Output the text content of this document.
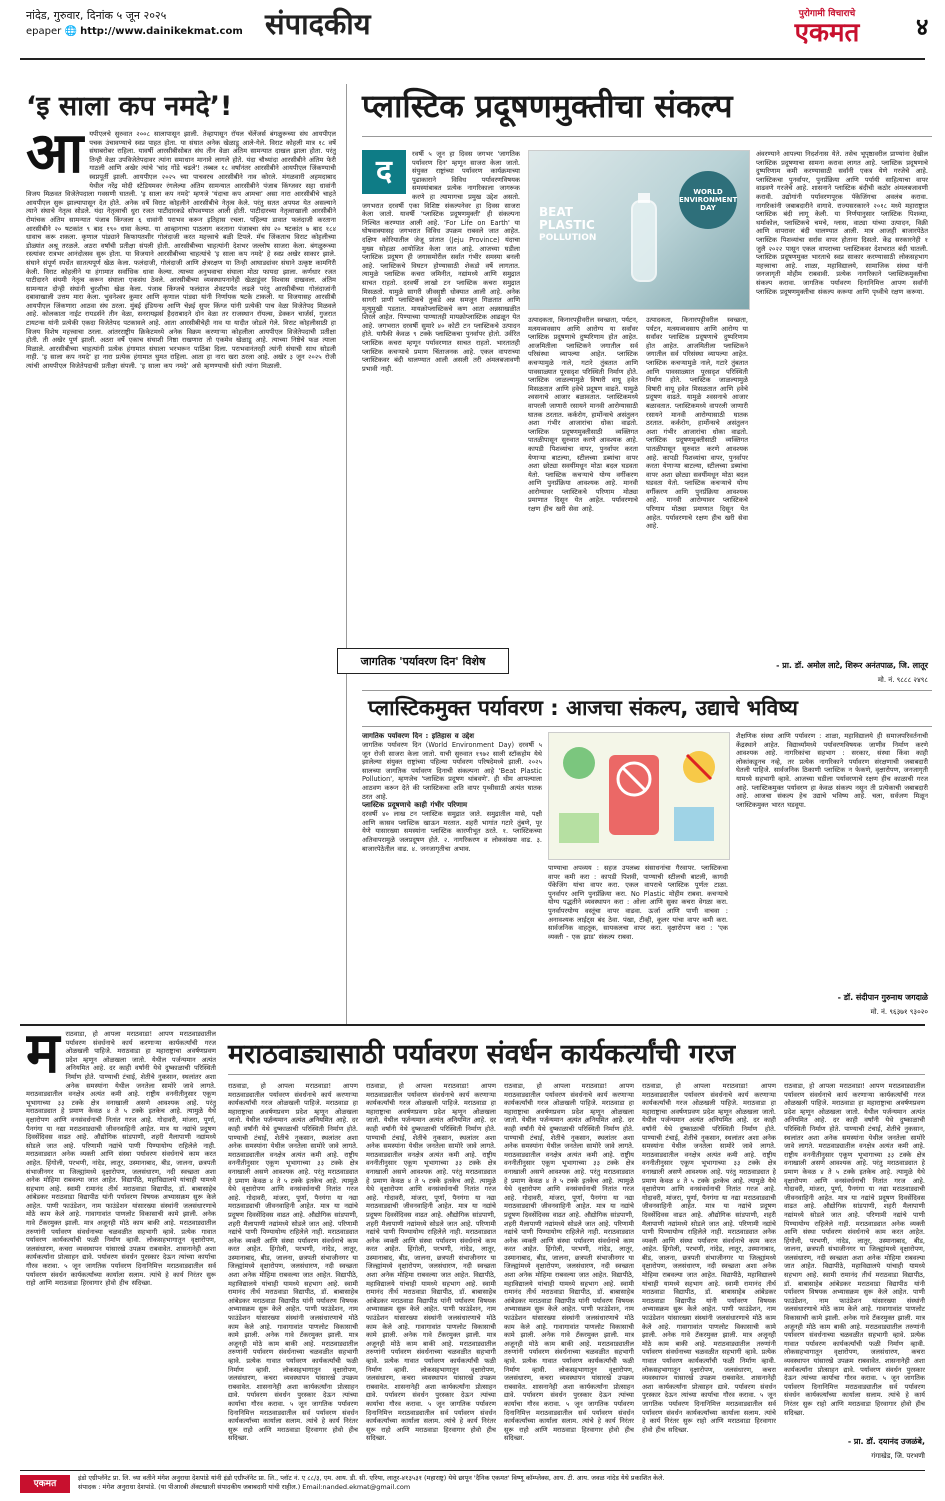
नांदेड, गुरुवार, दिनांक ५ जून २०२५
epaper 🌐 http://www.dainikekmat.com संपादकीय	पुरोगामी विचाराचे
एकमत	४
‘इ साला कप नमदे’!
आ यपीएलचे सुरुवात २००८ सालापासून झाली. तेव्हापासून रॉयल चॅलेंजर्स बंगळुरूच्या संघ आयपीएल पचक उंचावण्याचे स्वप्न पाहत होता. या संघात अनेक खेळाडू आले-गेले. विराट कोहली मात्र १८ वर्षे संघाबरोबर राहिला. यावर्षी आरसीबीसोबत संघ तीन वेळा अंतिम सामन्यात दाखल झाला होता. परंतु तिन्ही वेळा उपविजेतेपदावर त्यांना समाधान मानावे लागले होते. यंदा चौथ्यांदा आरसीबीने अंतिम फेरी गाठली आणि अखेर त्यांचे 'चांद गोंडे चढले'! तब्बल १८ वर्षांनंतर आरसीबीने आयपीएल जिंकण्याची स्वप्नपूर्ती झाली. आयपीएल २०२५ च्या पाचवरच आरसीबीने नाव कोरले. मंगळवारी अहमदाबाद येथील नरेंद्र मोदी स्टेडियमवर रंगलेल्या अंतिम सामन्यात आरसीबीने पंजाब किंग्जवर सहा धावांनी विजय मिळवत विजेतेपदाला गवसणी घातली. 'इ साला कप नमदे' म्हणजे 'यंदाचा कप आमचा' असा नारा आरसीबीचे चाहते आयपीएल सुरू झाल्यापासून देत होते. अनेक वर्षे विराट कोहलीने आरसीबीचे नेतृत्व केले. परंतु सतत अपयश येत असल्याने त्याने संघाचे नेतृत्व सोडले. यंदा नेतृत्वाची धुरा रजत पाटीदारकडे सोपवण्यात आली होती. पाटीदारच्या नेतृत्वाखाली आरसीबीने रोमांचक अंतिम सामन्यात पंजाब किंग्जला ६ धावांनी पराभव करून इतिहास रचला. पहिल्या डावात फलंदाजी करताना आरसीबीने २० षटकांत ९ बाद १९० धावा केल्या. या आव्हानाचा पाठलाग करताना पंजाबचा संघ २० षटकांत ७ बाद १८४ धावाच करू शकला. कृणाल पांड्याने किफायतशीर गोलंदाजी करत महत्त्वाचे बळी टिपले. मॅच जिंकताच विराट कोहलीच्या डोळ्यांत अश्रू तरळले. अठरा वर्षांची प्रतीक्षा संपली होती. आरसीबीच्या चाहत्यांनी देशभर जल्लोष साजरा केला. बंगळुरूच्या रस्त्यांवर रात्रभर आनंदोत्सव सुरू होता. या विजयाने आरसीबीच्या चाहत्यांचे 'इ साला कप नमदे' हे स्वप्न अखेर साकार झाले. संघाने संपूर्ण स्पर्धेत सातत्यपूर्ण खेळ केला. फलंदाजी, गोलंदाजी आणि क्षेत्ररक्षण या तिन्ही आघाड्यांवर संघाने उत्कृष्ट कामगिरी केली. विराट कोहलीने या हंगामात सर्वाधिक धावा केल्या. त्याच्या अनुभवाचा संघाला मोठा फायदा झाला. कर्णधार रजत पाटीदारने संयमी नेतृत्व करून संघाला एकसंध ठेवले. आरसीबीच्या व्यवस्थापनानेही खेळाडूंवर विश्वास दाखवला. अंतिम सामन्यात दोन्ही संघांनी चुरशीचा खेळ केला. पंजाब किंग्जचे फलंदाज शेवटपर्यंत लढले परंतु आरसीबीच्या गोलंदाजांनी दबावाखाली उत्तम मारा केला. भुवनेश्वर कुमार आणि कृणाल पांड्या यांनी निर्णायक षटके टाकली. या विजयासह आरसीबी आयपीएल जिंकणारा आठवा संघ ठरला. मुंबई इंडियन्स आणि चेन्नई सुपर किंग्ज यांनी प्रत्येकी पाच वेळा विजेतेपद मिळवले आहे. कोलकाता नाईट रायडर्सने तीन वेळा, सनरायझर्स हैदराबादने दोन वेळा तर राजस्थान रॉयल्स, डेक्कन चार्जर्स, गुजरात टायटन्स यांनी प्रत्येकी एकदा विजेतेपद पटकावले आहे. आता आरसीबीचेही नाव या यादीत जोडले गेले. विराट कोहलीसाठी हा विजय विशेष महत्त्वाचा ठरला. आंतरराष्ट्रीय क्रिकेटमध्ये अनेक विक्रम करणाऱ्या कोहलीला आयपीएल विजेतेपदाची प्रतीक्षा होती. ती अखेर पूर्ण झाली. अठरा वर्षे एकाच संघाशी निष्ठा राखणारा तो एकमेव खेळाडू आहे. त्याच्या निष्ठेचे फळ त्याला मिळाले. आरसीबीच्या चाहत्यांनी प्रत्येक हंगामात संघाला भरभरून पाठिंबा दिला. पराभवानंतरही त्यांनी संघाची साथ सोडली नाही. 'इ साला कप नमदे' हा नारा प्रत्येक हंगामात घुमत राहिला. आता हा नारा खरा ठरला आहे. अखेर ३ जून २०२५ रोजी त्यांची आयपीएल विजेतेपदाची प्रतीक्षा संपली. 'इ साला कप नमदे' असे म्हणण्याची संधी त्यांना मिळाली.
प्लास्टिक प्रदूषणमुक्तीचा संकल्प
द	रवर्षी ५ जून हा दिवस जगभर 'जागतिक पर्यावरण दिन' म्हणून साजरा केला जातो. संयुक्त राष्ट्रांच्या पर्यावरण कार्यक्रमाच्या पुढाकाराने विविध पर्यावरणविषयक समस्यांबाबत प्रत्येक नागरिकाला जागरूक करणे हा त्यामागचा प्रमुख उद्देश असतो. जगभरात दरवर्षी एका विशिष्ट संकल्पनेवर हा दिवस साजरा केला जातो. यावर्षी 'प्लास्टिक प्रदूषणमुक्ती' ही संकल्पना निश्चित करण्यात आली आहे. 'For Life on Earth' या घोषवाक्यासह जगभरात विविध उपक्रम राबवले जात आहेत. दक्षिण कोरियातील जेजू प्रांतात (Jeju Province) यंदाचा मुख्य सोहळा आयोजित केला जात आहे. आजच्या घडीला प्लास्टिक प्रदूषण ही जगासमोरील सर्वात गंभीर समस्या बनली आहे. प्लास्टिकचे विघटन होण्यासाठी शेकडो वर्षे लागतात. त्यामुळे प्लास्टिक कचरा जमिनीत, नद्यांमध्ये आणि समुद्रात साचत राहतो. दरवर्षी लाखो टन प्लास्टिक कचरा समुद्रात मिसळतो. यामुळे सागरी जीवसृष्टी धोक्यात आली आहे. अनेक सागरी प्राणी प्लास्टिकचे तुकडे अन्न समजून गिळतात आणि मृत्युमुखी पडतात. मायक्रोप्लास्टिकचे कण आता अन्नसाखळीत शिरले आहेत. पिण्याच्या पाण्यातही मायक्रोप्लास्टिक आढळून येत आहे. जगभरात दरवर्षी सुमारे ४० कोटी टन प्लास्टिकचे उत्पादन होते. यापैकी केवळ ९ टक्के प्लास्टिकचा पुनर्वापर होतो. उर्वरित प्लास्टिक कचरा म्हणून पर्यावरणात साचत राहतो. भारतातही प्लास्टिक कचऱ्याचे प्रमाण चिंताजनक आहे. एकल वापराच्या प्लास्टिकवर बंदी घालण्यात आली असली तरी अंमलबजावणी प्रभावी नाही.
BEAT
PLASTIC
POLLUTION
WORLD
ENVIRONMENT
DAY
उत्पादकता, किनारपट्टीवरील स्वच्छता, पर्यटन, मत्स्यव्यवसाय आणि आरोग्य या सर्वांवर प्लास्टिक प्रदूषणाचे दुष्परिणाम होत आहेत. आजमितीला प्लास्टिकने जगातील सर्व परिसंस्था व्यापल्या आहेत. प्लास्टिक कचऱ्यामुळे नाले, गटारे तुंबतात आणि पावसाळ्यात पूरसदृश परिस्थिती निर्माण होते. प्लास्टिक जाळल्यामुळे विषारी वायू हवेत मिसळतात आणि हवेचे प्रदूषण वाढते. यामुळे श्वसनाचे आजार बळावतात. प्लास्टिकमध्ये वापरली जाणारी रसायने मानवी आरोग्यासाठी घातक ठरतात. कर्करोग, हार्मोन्सचे असंतुलन अशा गंभीर आजारांचा धोका वाढतो. प्लास्टिक प्रदूषणमुक्तीसाठी व्यक्तिगत पातळीपासून सुरुवात करणे आवश्यक आहे. कापडी पिशव्यांचा वापर, पुनर्वापर करता येणाऱ्या बाटल्या, स्टीलच्या डब्यांचा वापर अशा छोट्या सवयींमधून मोठा बदल घडवता येतो. प्लास्टिक कचऱ्याचे योग्य वर्गीकरण आणि पुनर्प्रक्रिया आवश्यक आहे. मानवी आरोग्यावर प्लास्टिकचे परिणाम मोठ्या प्रमाणात दिसून येत आहेत. पर्यावरणाचे रक्षण हीच खरी सेवा आहे.
अंवरण्याने आपल्या निदर्शनास येते. तसेच भूपृष्ठावरील प्राण्यांना देखील प्लास्टिक प्रदूषणाचा सामना करावा लागत आहे. प्लास्टिक प्रदूषणाचे दुष्परिणाम कमी करण्यासाठी सर्वांनी एकत्र येणे गरजेचे आहे. प्लास्टिकचा पुनर्वापर, पुनर्प्रक्रिया आणि पर्यायी साहित्याचा वापर वाढवणे गरजेचे आहे. शासनाने प्लास्टिक बंदीची कठोर अंमलबजावणी करावी. उद्योगांनी पर्यावरणपूरक पॅकेजिंगचा अवलंब करावा. नागरिकांनी जबाबदारीने वागावे. राज्यसरकारने २०१८ मध्ये महाराष्ट्रात प्लास्टिक बंदी लागू केली. या निर्णयानुसार प्लास्टिक पिशव्या, थर्माकोल, प्लास्टिकचे चमचे, ग्लास, वाट्या यांच्या उत्पादन, विक्री आणि वापरावर बंदी घालण्यात आली. मात्र आजही बाजारपेठेत प्लास्टिक पिशव्यांचा सर्रास वापर होताना दिसतो. केंद्र सरकारनेही १ जुलै २०२२ पासून एकल वापराच्या प्लास्टिकवर देशभरात बंदी घातली. प्लास्टिक प्रदूषणमुक्त भारताचे स्वप्न साकार करण्यासाठी लोकसहभाग महत्त्वाचा आहे. शाळा, महाविद्यालये, सामाजिक संस्था यांनी जनजागृती मोहीम राबवावी. प्रत्येक नागरिकाने प्लास्टिकमुक्तीचा संकल्प करावा. जागतिक पर्यावरण दिनानिमित्त आपण सर्वांनी प्लास्टिक प्रदूषणमुक्तीचा संकल्प करूया आणि पृथ्वीचे रक्षण करूया.
उत्पादकता, किनारपट्टीवरील स्वच्छता, पर्यटन, मत्स्यव्यवसाय आणि आरोग्य या सर्वांवर प्लास्टिक प्रदूषणाचे दुष्परिणाम होत आहेत. आजमितीला प्लास्टिकने जगातील सर्व परिसंस्था व्यापल्या आहेत. प्लास्टिक कचऱ्यामुळे नाले, गटारे तुंबतात आणि पावसाळ्यात पूरसदृश परिस्थिती निर्माण होते. प्लास्टिक जाळल्यामुळे विषारी वायू हवेत मिसळतात आणि हवेचे प्रदूषण वाढते. यामुळे श्वसनाचे आजार बळावतात. प्लास्टिकमध्ये वापरली जाणारी रसायने मानवी आरोग्यासाठी घातक ठरतात. कर्करोग, हार्मोन्सचे असंतुलन अशा गंभीर आजारांचा धोका वाढतो. प्लास्टिक प्रदूषणमुक्तीसाठी व्यक्तिगत पातळीपासून सुरुवात करणे आवश्यक आहे. कापडी पिशव्यांचा वापर, पुनर्वापर करता येणाऱ्या बाटल्या, स्टीलच्या डब्यांचा वापर अशा छोट्या सवयींमधून मोठा बदल घडवता येतो. प्लास्टिक कचऱ्याचे योग्य वर्गीकरण आणि पुनर्प्रक्रिया आवश्यक आहे. मानवी आरोग्यावर प्लास्टिकचे परिणाम मोठ्या प्रमाणात दिसून येत आहेत. पर्यावरणाचे रक्षण हीच खरी सेवा आहे.
जागतिक 'पर्यावरण दिन' विशेष	- प्रा. डॉ. अमोल लाटे, शिरूर अनंतपाळ, जि. लातूर
मो. नं. ९८८८ २४९८
प्लास्टिकमुक्त पर्यावरण : आजचा संकल्प, उद्याचे भविष्य
जागतिक पर्यावरण दिन : इतिहास व उद्देश
जागतिक पर्यावरण दिन (World Environment Day) दरवर्षी ५ जून रोजी साजरा केला जातो. याची सुरुवात १९७२ साली स्टॉकहोम येथे झालेल्या संयुक्त राष्ट्रांच्या पहिल्या पर्यावरण परिषदेमध्ये झाली. २०२५ सालच्या जागतिक पर्यावरण दिनाची संकल्पना आहे 'Beat Plastic Pollution', म्हणजेच 'प्लास्टिक प्रदूषण थांबवणे'. ही थीम आपल्याला आठवण करून देते की प्लास्टिकचा अति वापर पृथ्वीसाठी अत्यंत घातक ठरत आहे.
प्लास्टिक प्रदूषणाचे काही गंभीर परिणाम
दरवर्षी ४० लाख टन प्लास्टिक समुद्रात जाते. समुद्रातील मासे, पक्षी आणि कासव प्लास्टिक खाऊन मरतात. शहरी भागांत गटारे तुंबणे, पूर येणे यासारख्या समस्यांना प्लास्टिक कारणीभूत ठरते. १. प्लास्टिकच्या अतिवापरामुळे जलप्रदूषण होते. २. नागरिकरण व लोकसंख्या वाढ. ३. बाजारपेठेतील वाढ. ४. जनजागृतीचा अभाव.
पाण्याचा अपव्यय : सहज उपलब्ध संसाधनांचा गैरवापर. प्लास्टिकचा वापर कमी करा : कापडी पिशवी, पाण्याची स्टीलची बाटली, कागदी पॅकेजिंग यांचा वापर करा. एकल वापराचे प्लास्टिक पूर्णतः टाळा. पुनर्वापर आणि पुनर्प्रक्रिया करा. No Plastic मोहीम राबवा. कचऱ्याचे योग्य पद्धतीने व्यवस्थापन करा : ओला आणि सुका कचरा वेगळा करा. पुनर्वापरयोग्य वस्तूंचा वापर वाढवा. ऊर्जा आणि पाणी वाचवा : अनावश्यक लाईट्स बंद ठेवा. पंखा, टीव्ही, कूलर यांचा वापर कमी करा. सार्वजनिक वाहतूक, सायकलचा वापर करा. वृक्षारोपण करा : 'एक व्यक्ती - एक झाड' संकल्प राबवा.
शैक्षणिक संस्था आणि पर्यावरण : शाळा, महाविद्यालये ही समाजपरिवर्तनाची केंद्रस्थाने आहेत. विद्यार्थ्यांमध्ये पर्यावरणविषयक जाणीव निर्माण करणे आवश्यक आहे. नागरिकांचा सहभाग : सरकार, संस्था किंवा काही लोकांकडूनच नव्हे, तर प्रत्येक नागरिकाने पर्यावरण संरक्षणाची जबाबदारी घेतली पाहिजे. सार्वजनिक ठिकाणी प्लास्टिक न फेकणे, वृक्षारोपण, जनजागृती यामध्ये सहभागी व्हावे. आजच्या घडीला पर्यावरणाचे रक्षण हीच काळाची गरज आहे. प्लास्टिकमुक्त पर्यावरण हा केवळ संकल्प नसून ती प्रत्येकाची जबाबदारी आहे. आजचा संकल्प हेच उद्याचे भविष्य आहे. चला, सर्वजण मिळून प्लास्टिकमुक्त भारत घडवूया.
- डॉ. संदीपान गुरुनाथ जगदाळे
मो. नं. ९६३७१ ९३०२०
म राठवाडा, हो आपला मराठवाडा! आपण मराठवाड्यातील पर्यावरण संवर्धनाचे कार्य करणाऱ्या कार्यकर्त्यांची गरज ओळखली पाहिजे. मराठवाडा हा महाराष्ट्राचा अवर्षणप्रवण प्रदेश म्हणून ओळखला जातो. येथील पर्जन्यमान अत्यंत अनियमित आहे. दर काही वर्षांनी येथे दुष्काळाची परिस्थिती निर्माण होते. पाण्याची टंचाई, शेतीचे नुकसान, स्थलांतर अशा अनेक समस्यांना येथील जनतेला सामोरे जावे लागते. मराठवाड्यातील वनक्षेत्र अत्यंत कमी आहे. राष्ट्रीय वननीतीनुसार एकूण भूभागाच्या ३३ टक्के क्षेत्र वनाखाली असणे आवश्यक आहे. परंतु मराठवाड्यात हे प्रमाण केवळ ४ ते ५ टक्के इतकेच आहे. त्यामुळे येथे वृक्षारोपण आणि वनसंवर्धनाची नितांत गरज आहे. गोदावरी, मांजरा, पूर्णा, पैनगंगा या नद्या मराठवाड्याची जीवनवाहिनी आहेत. मात्र या नद्यांचे प्रदूषण दिवसेंदिवस वाढत आहे. औद्योगिक सांडपाणी, शहरी मैलापाणी नद्यांमध्ये सोडले जात आहे. परिणामी नद्यांचे पाणी पिण्यायोग्य राहिलेले नाही. मराठवाड्यात अनेक व्यक्ती आणि संस्था पर्यावरण संवर्धनाचे काम करत आहेत. हिंगोली, परभणी, नांदेड, लातूर, उस्मानाबाद, बीड, जालना, छत्रपती संभाजीनगर या जिल्ह्यांमध्ये वृक्षारोपण, जलसंधारण, नदी स्वच्छता अशा अनेक मोहिमा राबवल्या जात आहेत. विद्यापीठे, महाविद्यालये यांचाही यामध्ये सहभाग आहे. स्वामी रामानंद तीर्थ मराठवाडा विद्यापीठ, डॉ. बाबासाहेब आंबेडकर मराठवाडा विद्यापीठ यांनी पर्यावरण विषयक अभ्यासक्रम सुरू केले आहेत. पाणी फाउंडेशन, नाम फाउंडेशन यांसारख्या संस्थांनी जलसंधारणाचे मोठे काम केले आहे. गावागावांत पाणलोट विकासाची कामे झाली. अनेक गावे टँकरमुक्त झाली. मात्र अजूनही मोठे काम बाकी आहे. मराठवाड्यातील तरुणांनी पर्यावरण संवर्धनाच्या चळवळीत सहभागी व्हावे. प्रत्येक गावात पर्यावरण कार्यकर्त्यांची फळी निर्माण व्हावी. लोकसहभागातून वृक्षारोपण, जलसंधारण, कचरा व्यवस्थापन यांसारखे उपक्रम राबवावेत. शासनानेही अशा कार्यकर्त्यांना प्रोत्साहन द्यावे. पर्यावरण संवर्धन पुरस्कार देऊन त्यांच्या कार्याचा गौरव करावा. ५ जून जागतिक पर्यावरण दिनानिमित्त मराठवाड्यातील सर्व पर्यावरण संवर्धन कार्यकर्त्यांच्या कार्याला सलाम. त्यांचे हे कार्य निरंतर सुरू राहो आणि मराठवाडा हिरवागार होवो हीच सदिच्छा.
मराठवाड्यासाठी पर्यावरण संवर्धन कार्यकर्त्यांची गरज
राठवाडा, हो आपला मराठवाडा! आपण मराठवाड्यातील पर्यावरण संवर्धनाचे कार्य करणाऱ्या कार्यकर्त्यांची गरज ओळखली पाहिजे. मराठवाडा हा महाराष्ट्राचा अवर्षणप्रवण प्रदेश म्हणून ओळखला जातो. येथील पर्जन्यमान अत्यंत अनियमित आहे. दर काही वर्षांनी येथे दुष्काळाची परिस्थिती निर्माण होते. पाण्याची टंचाई, शेतीचे नुकसान, स्थलांतर अशा अनेक समस्यांना येथील जनतेला सामोरे जावे लागते. मराठवाड्यातील वनक्षेत्र अत्यंत कमी आहे. राष्ट्रीय वननीतीनुसार एकूण भूभागाच्या ३३ टक्के क्षेत्र वनाखाली असणे आवश्यक आहे. परंतु मराठवाड्यात हे प्रमाण केवळ ४ ते ५ टक्के इतकेच आहे. त्यामुळे येथे वृक्षारोपण आणि वनसंवर्धनाची नितांत गरज आहे. गोदावरी, मांजरा, पूर्णा, पैनगंगा या नद्या मराठवाड्याची जीवनवाहिनी आहेत. मात्र या नद्यांचे प्रदूषण दिवसेंदिवस वाढत आहे. औद्योगिक सांडपाणी, शहरी मैलापाणी नद्यांमध्ये सोडले जात आहे. परिणामी नद्यांचे पाणी पिण्यायोग्य राहिलेले नाही. मराठवाड्यात अनेक व्यक्ती आणि संस्था पर्यावरण संवर्धनाचे काम करत आहेत. हिंगोली, परभणी, नांदेड, लातूर, उस्मानाबाद, बीड, जालना, छत्रपती संभाजीनगर या जिल्ह्यांमध्ये वृक्षारोपण, जलसंधारण, नदी स्वच्छता अशा अनेक मोहिमा राबवल्या जात आहेत. विद्यापीठे, महाविद्यालये यांचाही यामध्ये सहभाग आहे. स्वामी रामानंद तीर्थ मराठवाडा विद्यापीठ, डॉ. बाबासाहेब आंबेडकर मराठवाडा विद्यापीठ यांनी पर्यावरण विषयक अभ्यासक्रम सुरू केले आहेत. पाणी फाउंडेशन, नाम फाउंडेशन यांसारख्या संस्थांनी जलसंधारणाचे मोठे काम केले आहे. गावागावांत पाणलोट विकासाची कामे झाली. अनेक गावे टँकरमुक्त झाली. मात्र अजूनही मोठे काम बाकी आहे. मराठवाड्यातील तरुणांनी पर्यावरण संवर्धनाच्या चळवळीत सहभागी व्हावे. प्रत्येक गावात पर्यावरण कार्यकर्त्यांची फळी निर्माण व्हावी. लोकसहभागातून वृक्षारोपण, जलसंधारण, कचरा व्यवस्थापन यांसारखे उपक्रम राबवावेत. शासनानेही अशा कार्यकर्त्यांना प्रोत्साहन द्यावे. पर्यावरण संवर्धन पुरस्कार देऊन त्यांच्या कार्याचा गौरव करावा. ५ जून जागतिक पर्यावरण दिनानिमित्त मराठवाड्यातील सर्व पर्यावरण संवर्धन कार्यकर्त्यांच्या कार्याला सलाम. त्यांचे हे कार्य निरंतर सुरू राहो आणि मराठवाडा हिरवागार होवो हीच सदिच्छा.
राठवाडा, हो आपला मराठवाडा! आपण मराठवाड्यातील पर्यावरण संवर्धनाचे कार्य करणाऱ्या कार्यकर्त्यांची गरज ओळखली पाहिजे. मराठवाडा हा महाराष्ट्राचा अवर्षणप्रवण प्रदेश म्हणून ओळखला जातो. येथील पर्जन्यमान अत्यंत अनियमित आहे. दर काही वर्षांनी येथे दुष्काळाची परिस्थिती निर्माण होते. पाण्याची टंचाई, शेतीचे नुकसान, स्थलांतर अशा अनेक समस्यांना येथील जनतेला सामोरे जावे लागते. मराठवाड्यातील वनक्षेत्र अत्यंत कमी आहे. राष्ट्रीय वननीतीनुसार एकूण भूभागाच्या ३३ टक्के क्षेत्र वनाखाली असणे आवश्यक आहे. परंतु मराठवाड्यात हे प्रमाण केवळ ४ ते ५ टक्के इतकेच आहे. त्यामुळे येथे वृक्षारोपण आणि वनसंवर्धनाची नितांत गरज आहे. गोदावरी, मांजरा, पूर्णा, पैनगंगा या नद्या मराठवाड्याची जीवनवाहिनी आहेत. मात्र या नद्यांचे प्रदूषण दिवसेंदिवस वाढत आहे. औद्योगिक सांडपाणी, शहरी मैलापाणी नद्यांमध्ये सोडले जात आहे. परिणामी नद्यांचे पाणी पिण्यायोग्य राहिलेले नाही. मराठवाड्यात अनेक व्यक्ती आणि संस्था पर्यावरण संवर्धनाचे काम करत आहेत. हिंगोली, परभणी, नांदेड, लातूर, उस्मानाबाद, बीड, जालना, छत्रपती संभाजीनगर या जिल्ह्यांमध्ये वृक्षारोपण, जलसंधारण, नदी स्वच्छता अशा अनेक मोहिमा राबवल्या जात आहेत. विद्यापीठे, महाविद्यालये यांचाही यामध्ये सहभाग आहे. स्वामी रामानंद तीर्थ मराठवाडा विद्यापीठ, डॉ. बाबासाहेब आंबेडकर मराठवाडा विद्यापीठ यांनी पर्यावरण विषयक अभ्यासक्रम सुरू केले आहेत. पाणी फाउंडेशन, नाम फाउंडेशन यांसारख्या संस्थांनी जलसंधारणाचे मोठे काम केले आहे. गावागावांत पाणलोट विकासाची कामे झाली. अनेक गावे टँकरमुक्त झाली. मात्र अजूनही मोठे काम बाकी आहे. मराठवाड्यातील तरुणांनी पर्यावरण संवर्धनाच्या चळवळीत सहभागी व्हावे. प्रत्येक गावात पर्यावरण कार्यकर्त्यांची फळी निर्माण व्हावी. लोकसहभागातून वृक्षारोपण, जलसंधारण, कचरा व्यवस्थापन यांसारखे उपक्रम राबवावेत. शासनानेही अशा कार्यकर्त्यांना प्रोत्साहन द्यावे. पर्यावरण संवर्धन पुरस्कार देऊन त्यांच्या कार्याचा गौरव करावा. ५ जून जागतिक पर्यावरण दिनानिमित्त मराठवाड्यातील सर्व पर्यावरण संवर्धन कार्यकर्त्यांच्या कार्याला सलाम. त्यांचे हे कार्य निरंतर सुरू राहो आणि मराठवाडा हिरवागार होवो हीच सदिच्छा.
राठवाडा, हो आपला मराठवाडा! आपण मराठवाड्यातील पर्यावरण संवर्धनाचे कार्य करणाऱ्या कार्यकर्त्यांची गरज ओळखली पाहिजे. मराठवाडा हा महाराष्ट्राचा अवर्षणप्रवण प्रदेश म्हणून ओळखला जातो. येथील पर्जन्यमान अत्यंत अनियमित आहे. दर काही वर्षांनी येथे दुष्काळाची परिस्थिती निर्माण होते. पाण्याची टंचाई, शेतीचे नुकसान, स्थलांतर अशा अनेक समस्यांना येथील जनतेला सामोरे जावे लागते. मराठवाड्यातील वनक्षेत्र अत्यंत कमी आहे. राष्ट्रीय वननीतीनुसार एकूण भूभागाच्या ३३ टक्के क्षेत्र वनाखाली असणे आवश्यक आहे. परंतु मराठवाड्यात हे प्रमाण केवळ ४ ते ५ टक्के इतकेच आहे. त्यामुळे येथे वृक्षारोपण आणि वनसंवर्धनाची नितांत गरज आहे. गोदावरी, मांजरा, पूर्णा, पैनगंगा या नद्या मराठवाड्याची जीवनवाहिनी आहेत. मात्र या नद्यांचे प्रदूषण दिवसेंदिवस वाढत आहे. औद्योगिक सांडपाणी, शहरी मैलापाणी नद्यांमध्ये सोडले जात आहे. परिणामी नद्यांचे पाणी पिण्यायोग्य राहिलेले नाही. मराठवाड्यात अनेक व्यक्ती आणि संस्था पर्यावरण संवर्धनाचे काम करत आहेत. हिंगोली, परभणी, नांदेड, लातूर, उस्मानाबाद, बीड, जालना, छत्रपती संभाजीनगर या जिल्ह्यांमध्ये वृक्षारोपण, जलसंधारण, नदी स्वच्छता अशा अनेक मोहिमा राबवल्या जात आहेत. विद्यापीठे, महाविद्यालये यांचाही यामध्ये सहभाग आहे. स्वामी रामानंद तीर्थ मराठवाडा विद्यापीठ, डॉ. बाबासाहेब आंबेडकर मराठवाडा विद्यापीठ यांनी पर्यावरण विषयक अभ्यासक्रम सुरू केले आहेत. पाणी फाउंडेशन, नाम फाउंडेशन यांसारख्या संस्थांनी जलसंधारणाचे मोठे काम केले आहे. गावागावांत पाणलोट विकासाची कामे झाली. अनेक गावे टँकरमुक्त झाली. मात्र अजूनही मोठे काम बाकी आहे. मराठवाड्यातील तरुणांनी पर्यावरण संवर्धनाच्या चळवळीत सहभागी व्हावे. प्रत्येक गावात पर्यावरण कार्यकर्त्यांची फळी निर्माण व्हावी. लोकसहभागातून वृक्षारोपण, जलसंधारण, कचरा व्यवस्थापन यांसारखे उपक्रम राबवावेत. शासनानेही अशा कार्यकर्त्यांना प्रोत्साहन द्यावे. पर्यावरण संवर्धन पुरस्कार देऊन त्यांच्या कार्याचा गौरव करावा. ५ जून जागतिक पर्यावरण दिनानिमित्त मराठवाड्यातील सर्व पर्यावरण संवर्धन कार्यकर्त्यांच्या कार्याला सलाम. त्यांचे हे कार्य निरंतर सुरू राहो आणि मराठवाडा हिरवागार होवो हीच सदिच्छा.
राठवाडा, हो आपला मराठवाडा! आपण मराठवाड्यातील पर्यावरण संवर्धनाचे कार्य करणाऱ्या कार्यकर्त्यांची गरज ओळखली पाहिजे. मराठवाडा हा महाराष्ट्राचा अवर्षणप्रवण प्रदेश म्हणून ओळखला जातो. येथील पर्जन्यमान अत्यंत अनियमित आहे. दर काही वर्षांनी येथे दुष्काळाची परिस्थिती निर्माण होते. पाण्याची टंचाई, शेतीचे नुकसान, स्थलांतर अशा अनेक समस्यांना येथील जनतेला सामोरे जावे लागते. मराठवाड्यातील वनक्षेत्र अत्यंत कमी आहे. राष्ट्रीय वननीतीनुसार एकूण भूभागाच्या ३३ टक्के क्षेत्र वनाखाली असणे आवश्यक आहे. परंतु मराठवाड्यात हे प्रमाण केवळ ४ ते ५ टक्के इतकेच आहे. त्यामुळे येथे वृक्षारोपण आणि वनसंवर्धनाची नितांत गरज आहे. गोदावरी, मांजरा, पूर्णा, पैनगंगा या नद्या मराठवाड्याची जीवनवाहिनी आहेत. मात्र या नद्यांचे प्रदूषण दिवसेंदिवस वाढत आहे. औद्योगिक सांडपाणी, शहरी मैलापाणी नद्यांमध्ये सोडले जात आहे. परिणामी नद्यांचे पाणी पिण्यायोग्य राहिलेले नाही. मराठवाड्यात अनेक व्यक्ती आणि संस्था पर्यावरण संवर्धनाचे काम करत आहेत. हिंगोली, परभणी, नांदेड, लातूर, उस्मानाबाद, बीड, जालना, छत्रपती संभाजीनगर या जिल्ह्यांमध्ये वृक्षारोपण, जलसंधारण, नदी स्वच्छता अशा अनेक मोहिमा राबवल्या जात आहेत. विद्यापीठे, महाविद्यालये यांचाही यामध्ये सहभाग आहे. स्वामी रामानंद तीर्थ मराठवाडा विद्यापीठ, डॉ. बाबासाहेब आंबेडकर मराठवाडा विद्यापीठ यांनी पर्यावरण विषयक अभ्यासक्रम सुरू केले आहेत. पाणी फाउंडेशन, नाम फाउंडेशन यांसारख्या संस्थांनी जलसंधारणाचे मोठे काम केले आहे. गावागावांत पाणलोट विकासाची कामे झाली. अनेक गावे टँकरमुक्त झाली. मात्र अजूनही मोठे काम बाकी आहे. मराठवाड्यातील तरुणांनी पर्यावरण संवर्धनाच्या चळवळीत सहभागी व्हावे. प्रत्येक गावात पर्यावरण कार्यकर्त्यांची फळी निर्माण व्हावी. लोकसहभागातून वृक्षारोपण, जलसंधारण, कचरा व्यवस्थापन यांसारखे उपक्रम राबवावेत. शासनानेही अशा कार्यकर्त्यांना प्रोत्साहन द्यावे. पर्यावरण संवर्धन पुरस्कार देऊन त्यांच्या कार्याचा गौरव करावा. ५ जून जागतिक पर्यावरण दिनानिमित्त मराठवाड्यातील सर्व पर्यावरण संवर्धन कार्यकर्त्यांच्या कार्याला सलाम. त्यांचे हे कार्य निरंतर सुरू राहो आणि मराठवाडा हिरवागार होवो हीच सदिच्छा.
राठवाडा, हो आपला मराठवाडा! आपण मराठवाड्यातील पर्यावरण संवर्धनाचे कार्य करणाऱ्या कार्यकर्त्यांची गरज ओळखली पाहिजे. मराठवाडा हा महाराष्ट्राचा अवर्षणप्रवण प्रदेश म्हणून ओळखला जातो. येथील पर्जन्यमान अत्यंत अनियमित आहे. दर काही वर्षांनी येथे दुष्काळाची परिस्थिती निर्माण होते. पाण्याची टंचाई, शेतीचे नुकसान, स्थलांतर अशा अनेक समस्यांना येथील जनतेला सामोरे जावे लागते. मराठवाड्यातील वनक्षेत्र अत्यंत कमी आहे. राष्ट्रीय वननीतीनुसार एकूण भूभागाच्या ३३ टक्के क्षेत्र वनाखाली असणे आवश्यक आहे. परंतु मराठवाड्यात हे प्रमाण केवळ ४ ते ५ टक्के इतकेच आहे. त्यामुळे येथे वृक्षारोपण आणि वनसंवर्धनाची नितांत गरज आहे. गोदावरी, मांजरा, पूर्णा, पैनगंगा या नद्या मराठवाड्याची जीवनवाहिनी आहेत. मात्र या नद्यांचे प्रदूषण दिवसेंदिवस वाढत आहे. औद्योगिक सांडपाणी, शहरी मैलापाणी नद्यांमध्ये सोडले जात आहे. परिणामी नद्यांचे पाणी पिण्यायोग्य राहिलेले नाही. मराठवाड्यात अनेक व्यक्ती आणि संस्था पर्यावरण संवर्धनाचे काम करत आहेत. हिंगोली, परभणी, नांदेड, लातूर, उस्मानाबाद, बीड, जालना, छत्रपती संभाजीनगर या जिल्ह्यांमध्ये वृक्षारोपण, जलसंधारण, नदी स्वच्छता अशा अनेक मोहिमा राबवल्या जात आहेत. विद्यापीठे, महाविद्यालये यांचाही यामध्ये सहभाग आहे. स्वामी रामानंद तीर्थ मराठवाडा विद्यापीठ, डॉ. बाबासाहेब आंबेडकर मराठवाडा विद्यापीठ यांनी पर्यावरण विषयक अभ्यासक्रम सुरू केले आहेत. पाणी फाउंडेशन, नाम फाउंडेशन यांसारख्या संस्थांनी जलसंधारणाचे मोठे काम केले आहे. गावागावांत पाणलोट विकासाची कामे झाली. अनेक गावे टँकरमुक्त झाली. मात्र अजूनही मोठे काम बाकी आहे. मराठवाड्यातील तरुणांनी पर्यावरण संवर्धनाच्या चळवळीत सहभागी व्हावे. प्रत्येक गावात पर्यावरण कार्यकर्त्यांची फळी निर्माण व्हावी. लोकसहभागातून वृक्षारोपण, जलसंधारण, कचरा व्यवस्थापन यांसारखे उपक्रम राबवावेत. शासनानेही अशा कार्यकर्त्यांना प्रोत्साहन द्यावे. पर्यावरण संवर्धन पुरस्कार देऊन त्यांच्या कार्याचा गौरव करावा. ५ जून जागतिक पर्यावरण दिनानिमित्त मराठवाड्यातील सर्व पर्यावरण संवर्धन कार्यकर्त्यांच्या कार्याला सलाम. त्यांचे हे कार्य निरंतर सुरू राहो आणि मराठवाडा हिरवागार होवो हीच सदिच्छा.
- प्रा. डॉ. दयानंद उजळंबे,
गंगाखेड, जि. परभणी
एकमत
इंडो एग्रीप्लॅनेट प्रा. लि. च्या वतीने मंगेश अनुराधा देशपांडे यांनी इंडो एग्रीप्लॅनेट प्रा. लि., प्लॉट नं. ए ८८/३, एम. आय. डी. सी. एरिया, लातूर-४१३५३१ (महाराष्ट्र) येथे छापून 'दैनिक एकमत' विष्णू कॉम्प्लेक्स, आय. टी. आय. जवळ नांदेड येथे प्रकाशित केले.
संपादक : मंगेश अनुराधा देशपांडे. (या पीआरबी ॲक्टखाली संपादकीय जबाबदारी यांची राहील.) Email:nanded.ekmat@gmail.com
